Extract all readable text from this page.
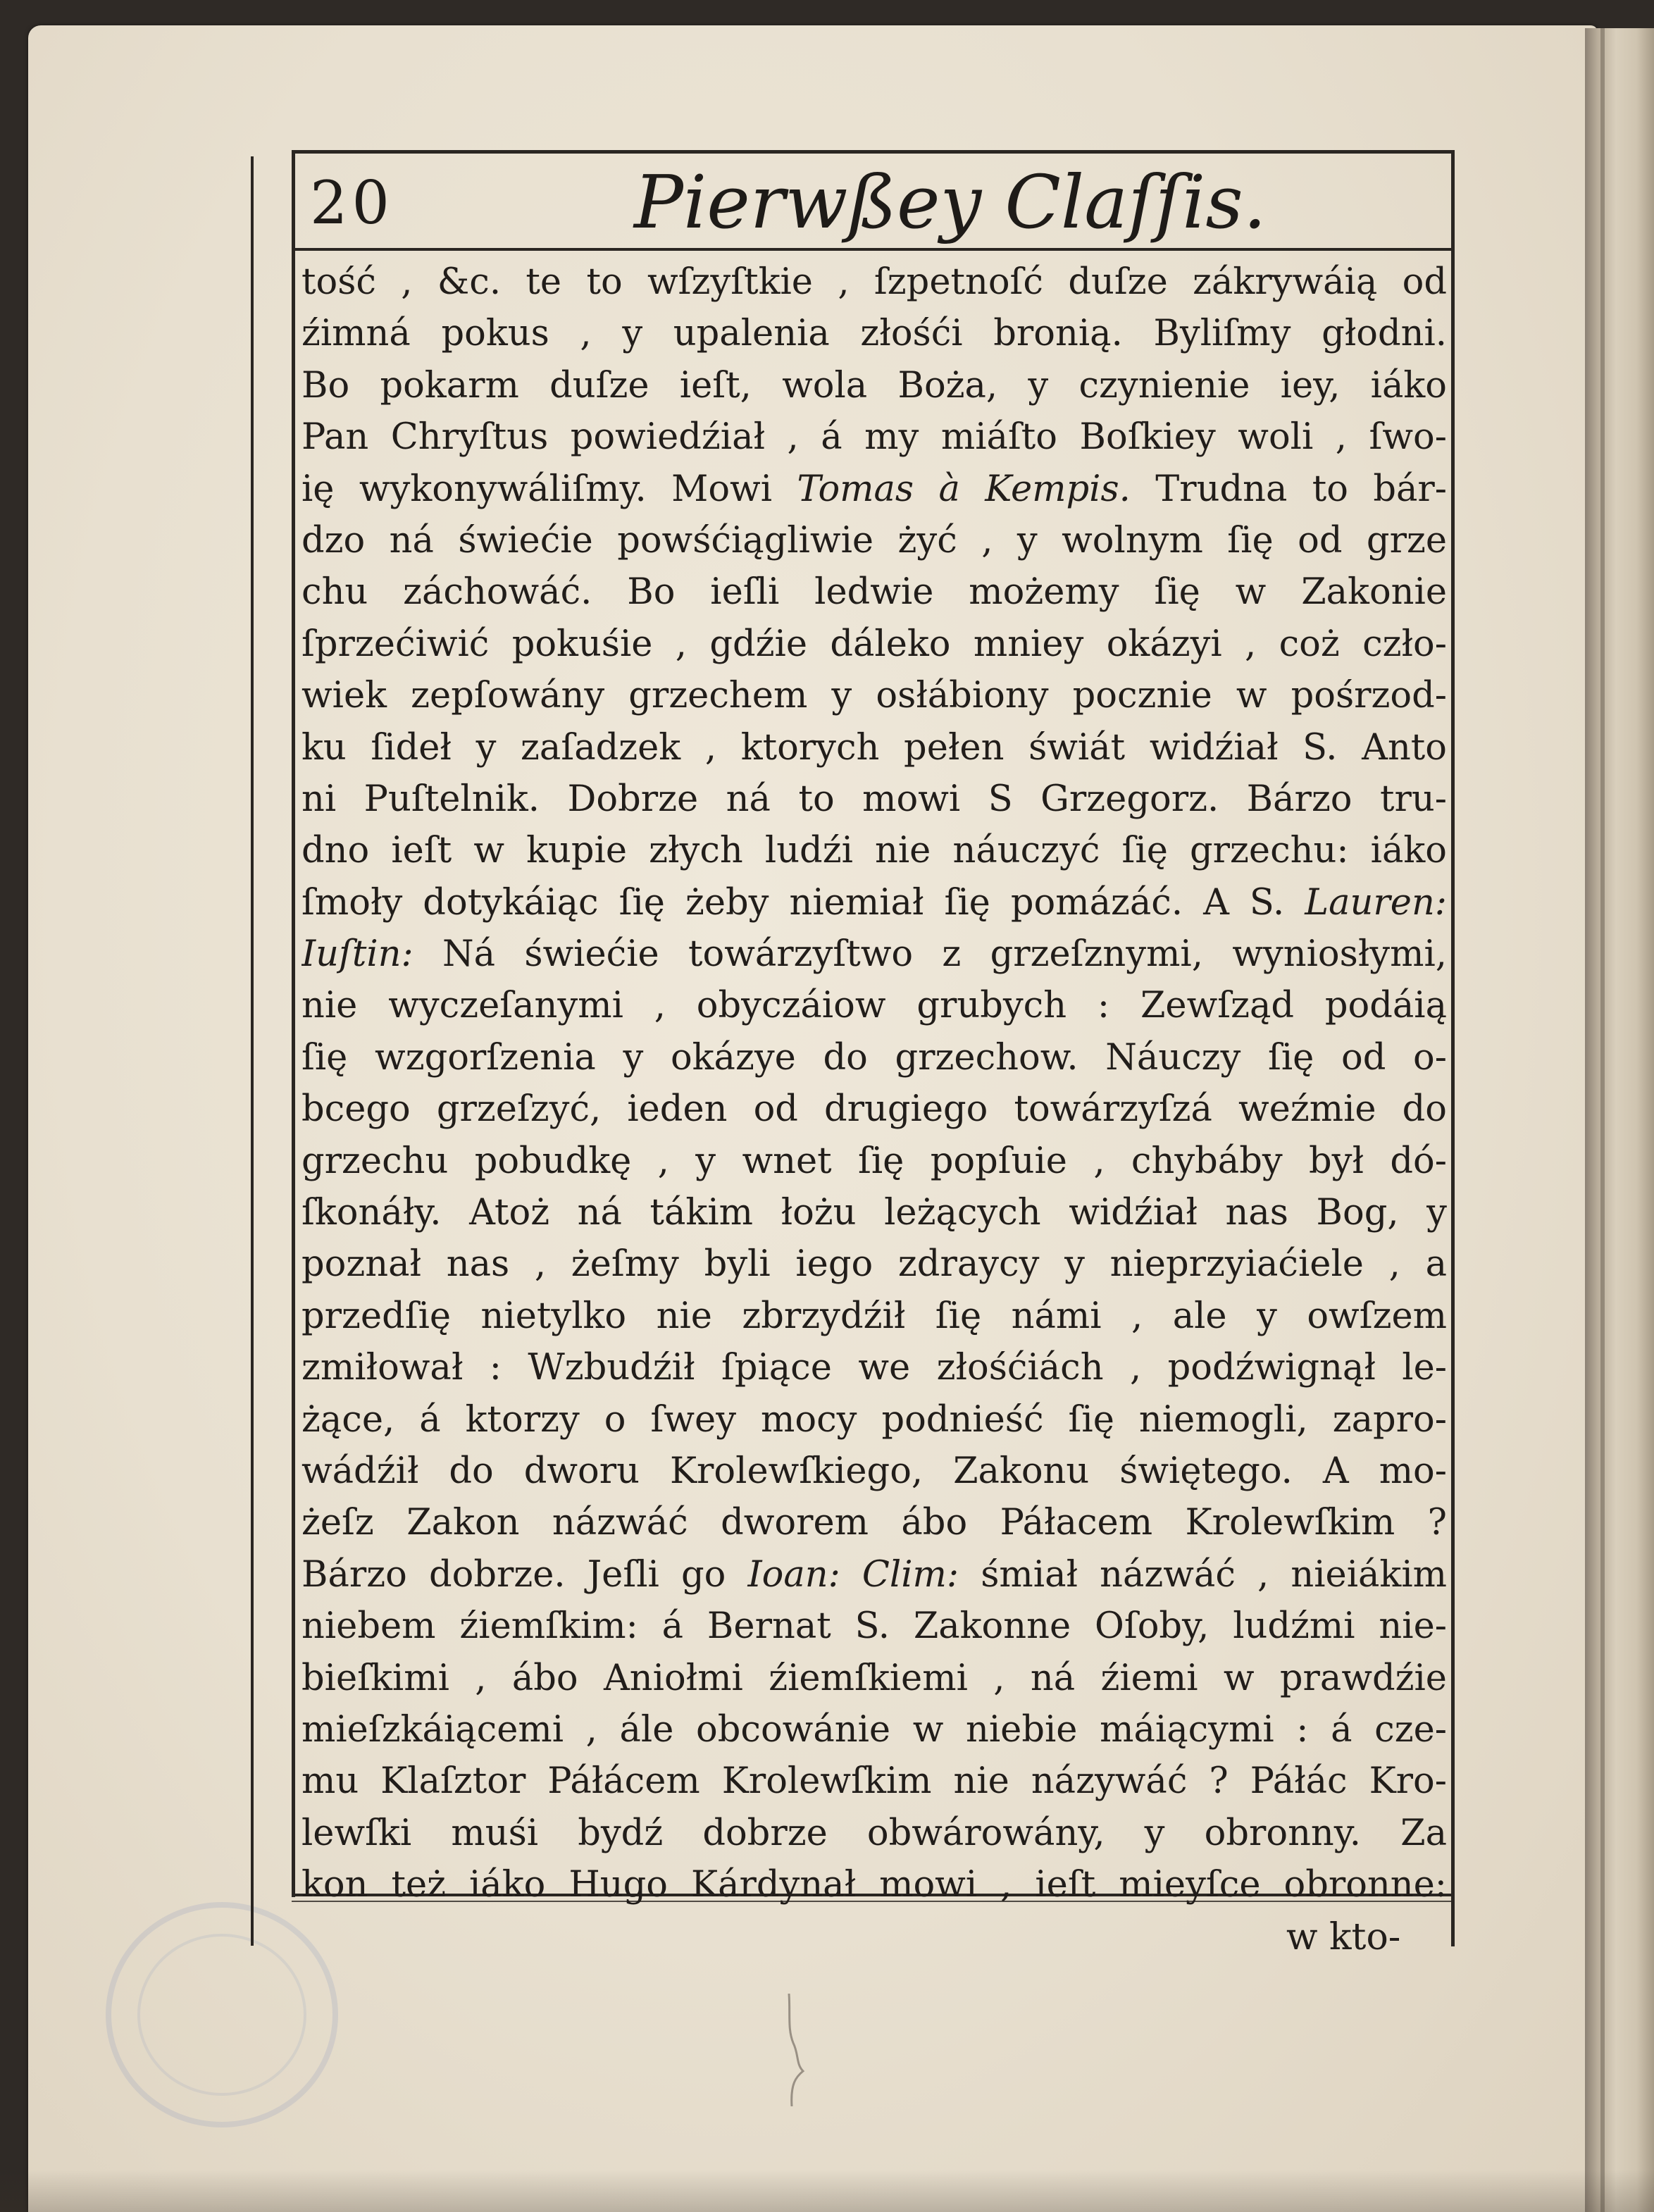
20	Pierwßey Claſſis.
tość , &c. te to wſzyſtkie , ſzpetnoſć duſze zákrywáią od
źimná pokus , y upalenia złośći bronią. Byliſmy głodni.
Bo pokarm duſze ieſt, wola Boża, y czynienie iey, iáko
Pan Chryſtus powiedźiał , á my miáſto Boſkiey woli , ſwo-
ię wykonywáliſmy. Mowi Tomas à Kempis. Trudna to bár-
dzo ná świećie powśćiągliwie żyć , y wolnym ſię od grze
chu záchowáć. Bo ieſli ledwie możemy ſię w Zakonie
ſprzećiwić pokuśie , gdźie dáleko mniey okázyi , coż czło-
wiek zepſowány grzechem y osłábiony pocznie w pośrzod-
ku ſideł y zaſadzek , ktorych pełen świát widźiał S. Anto
ni Puſtelnik. Dobrze ná to mowi S Grzegorz. Bárzo tru-
dno ieſt w kupie złych ludźi nie náuczyć ſię grzechu: iáko
ſmoły dotykáiąc ſię żeby niemiał ſię pomázáć. A S. Lauren:
Iuſtin: Ná świećie towárzyſtwo z grzeſznymi, wyniosłymi,
nie wyczeſanymi , obyczáiow grubych : Zewſząd podáią
ſię wzgorſzenia y okázye do grzechow. Náuczy ſię od o-
bcego grzeſzyć, ieden od drugiego towárzyſzá weźmie do
grzechu pobudkę , y wnet ſię popſuie , chybáby był dó-
ſkonáły. Atoż ná tákim łożu leżących widźiał nas Bog, y
poznał nas , żeſmy byli iego zdraycy y nieprzyiaćiele , a
przedſię nietylko nie zbrzydźił ſię námi , ale y owſzem
zmiłował : Wzbudźił ſpiące we złośćiách , podźwignął le-
żące, á ktorzy o ſwey mocy podnieść ſię niemogli, zapro-
wádźił do dworu Krolewſkiego, Zakonu świętego. A mo-
żeſz Zakon názwáć dworem ábo Páłacem Krolewſkim ?
Bárzo dobrze. Jeſli go Ioan: Clim: śmiał názwáć , nieiákim
niebem źiemſkim: á Bernat S. Zakonne Oſoby, ludźmi nie-
bieſkimi , ábo Aniołmi źiemſkiemi , ná źiemi w prawdźie
mieſzkáiącemi , ále obcowánie w niebie máiącymi : á cze-
mu Klaſztor Páłácem Krolewſkim nie názywáć ? Páłác Kro-
lewſki muśi bydź dobrze obwárowány, y obronny. Za
kon też iáko Hugo Kárdynał mowi , ieſt mieyſce obronne:
w kto-
